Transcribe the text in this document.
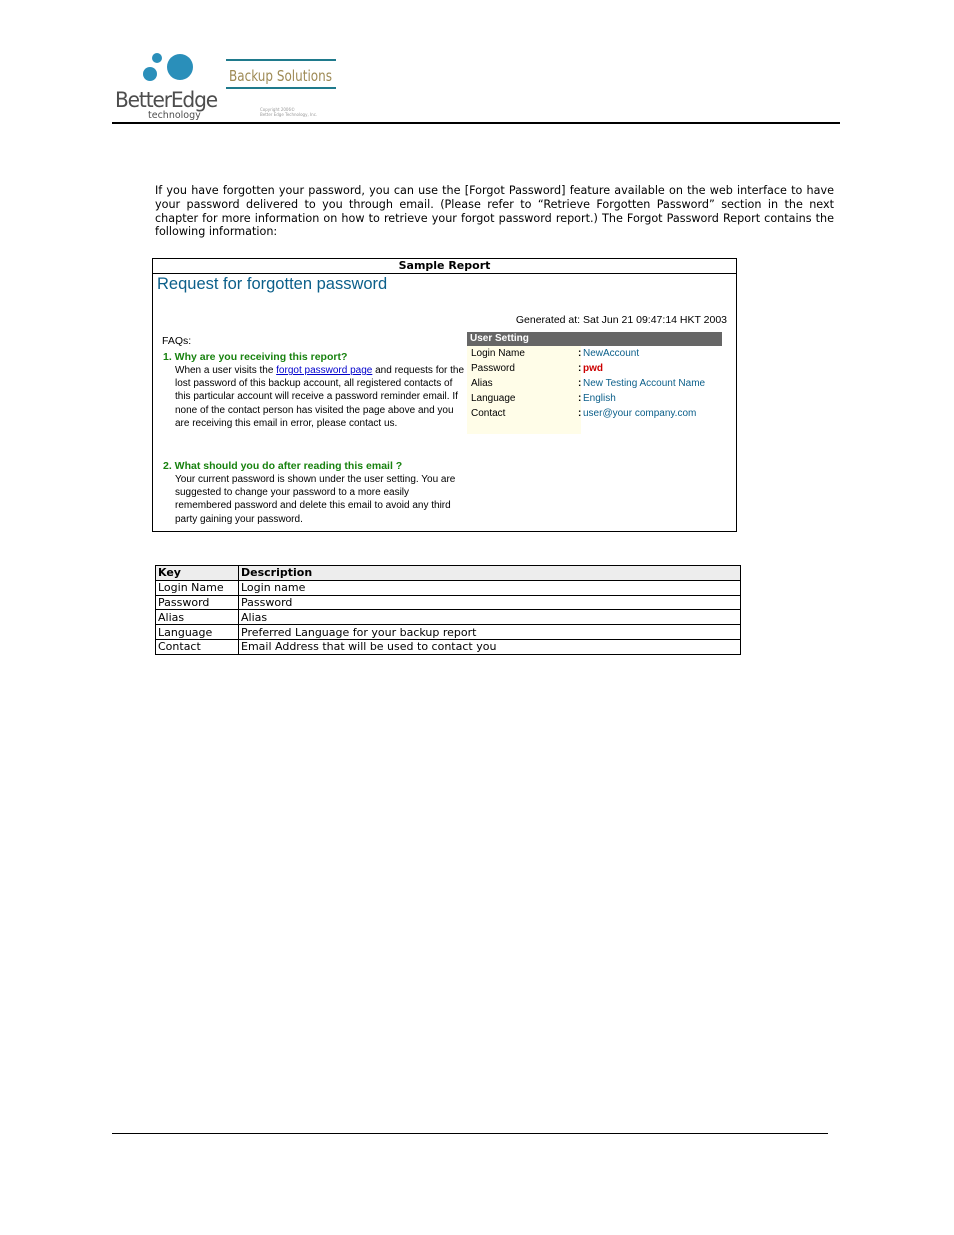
BetterEdge
technology
Backup Solutions
Copyright 2006©
Better Edge Technology, Inc.

If you have forgotten your password, you can use the [Forgot Password] feature available on the web interface to have your password delivered to you through email. (Please refer to “Retrieve Forgotten Password” section in the next chapter for more information on how to retrieve your forgot password report.) The Forgot Password Report contains the following information:

Sample Report
Request for forgotten password
Generated at: Sat Jun 21 09:47:14 HKT 2003
FAQs:
1. Why are you receiving this report?
When a user visits the forgot password page and requests for the lost password of this backup account, all registered contacts of this particular account will receive a password reminder email. If none of the contact person has visited the page above and you are receiving this email in error, please contact us.
2. What should you do after reading this email ?
Your current password is shown under the user setting. You are suggested to change your password to a more easily remembered password and delete this email to avoid any third party gaining your password.
User Setting
Login Name	: NewAccount
Password	: pwd
Alias	: New Testing Account Name
Language	: English
Contact	: user@your company.com
Key	Description
Login Name	Login name
Password	Password
Alias	Alias
Language	Preferred Language for your backup report
Contact	Email Address that will be used to contact you
